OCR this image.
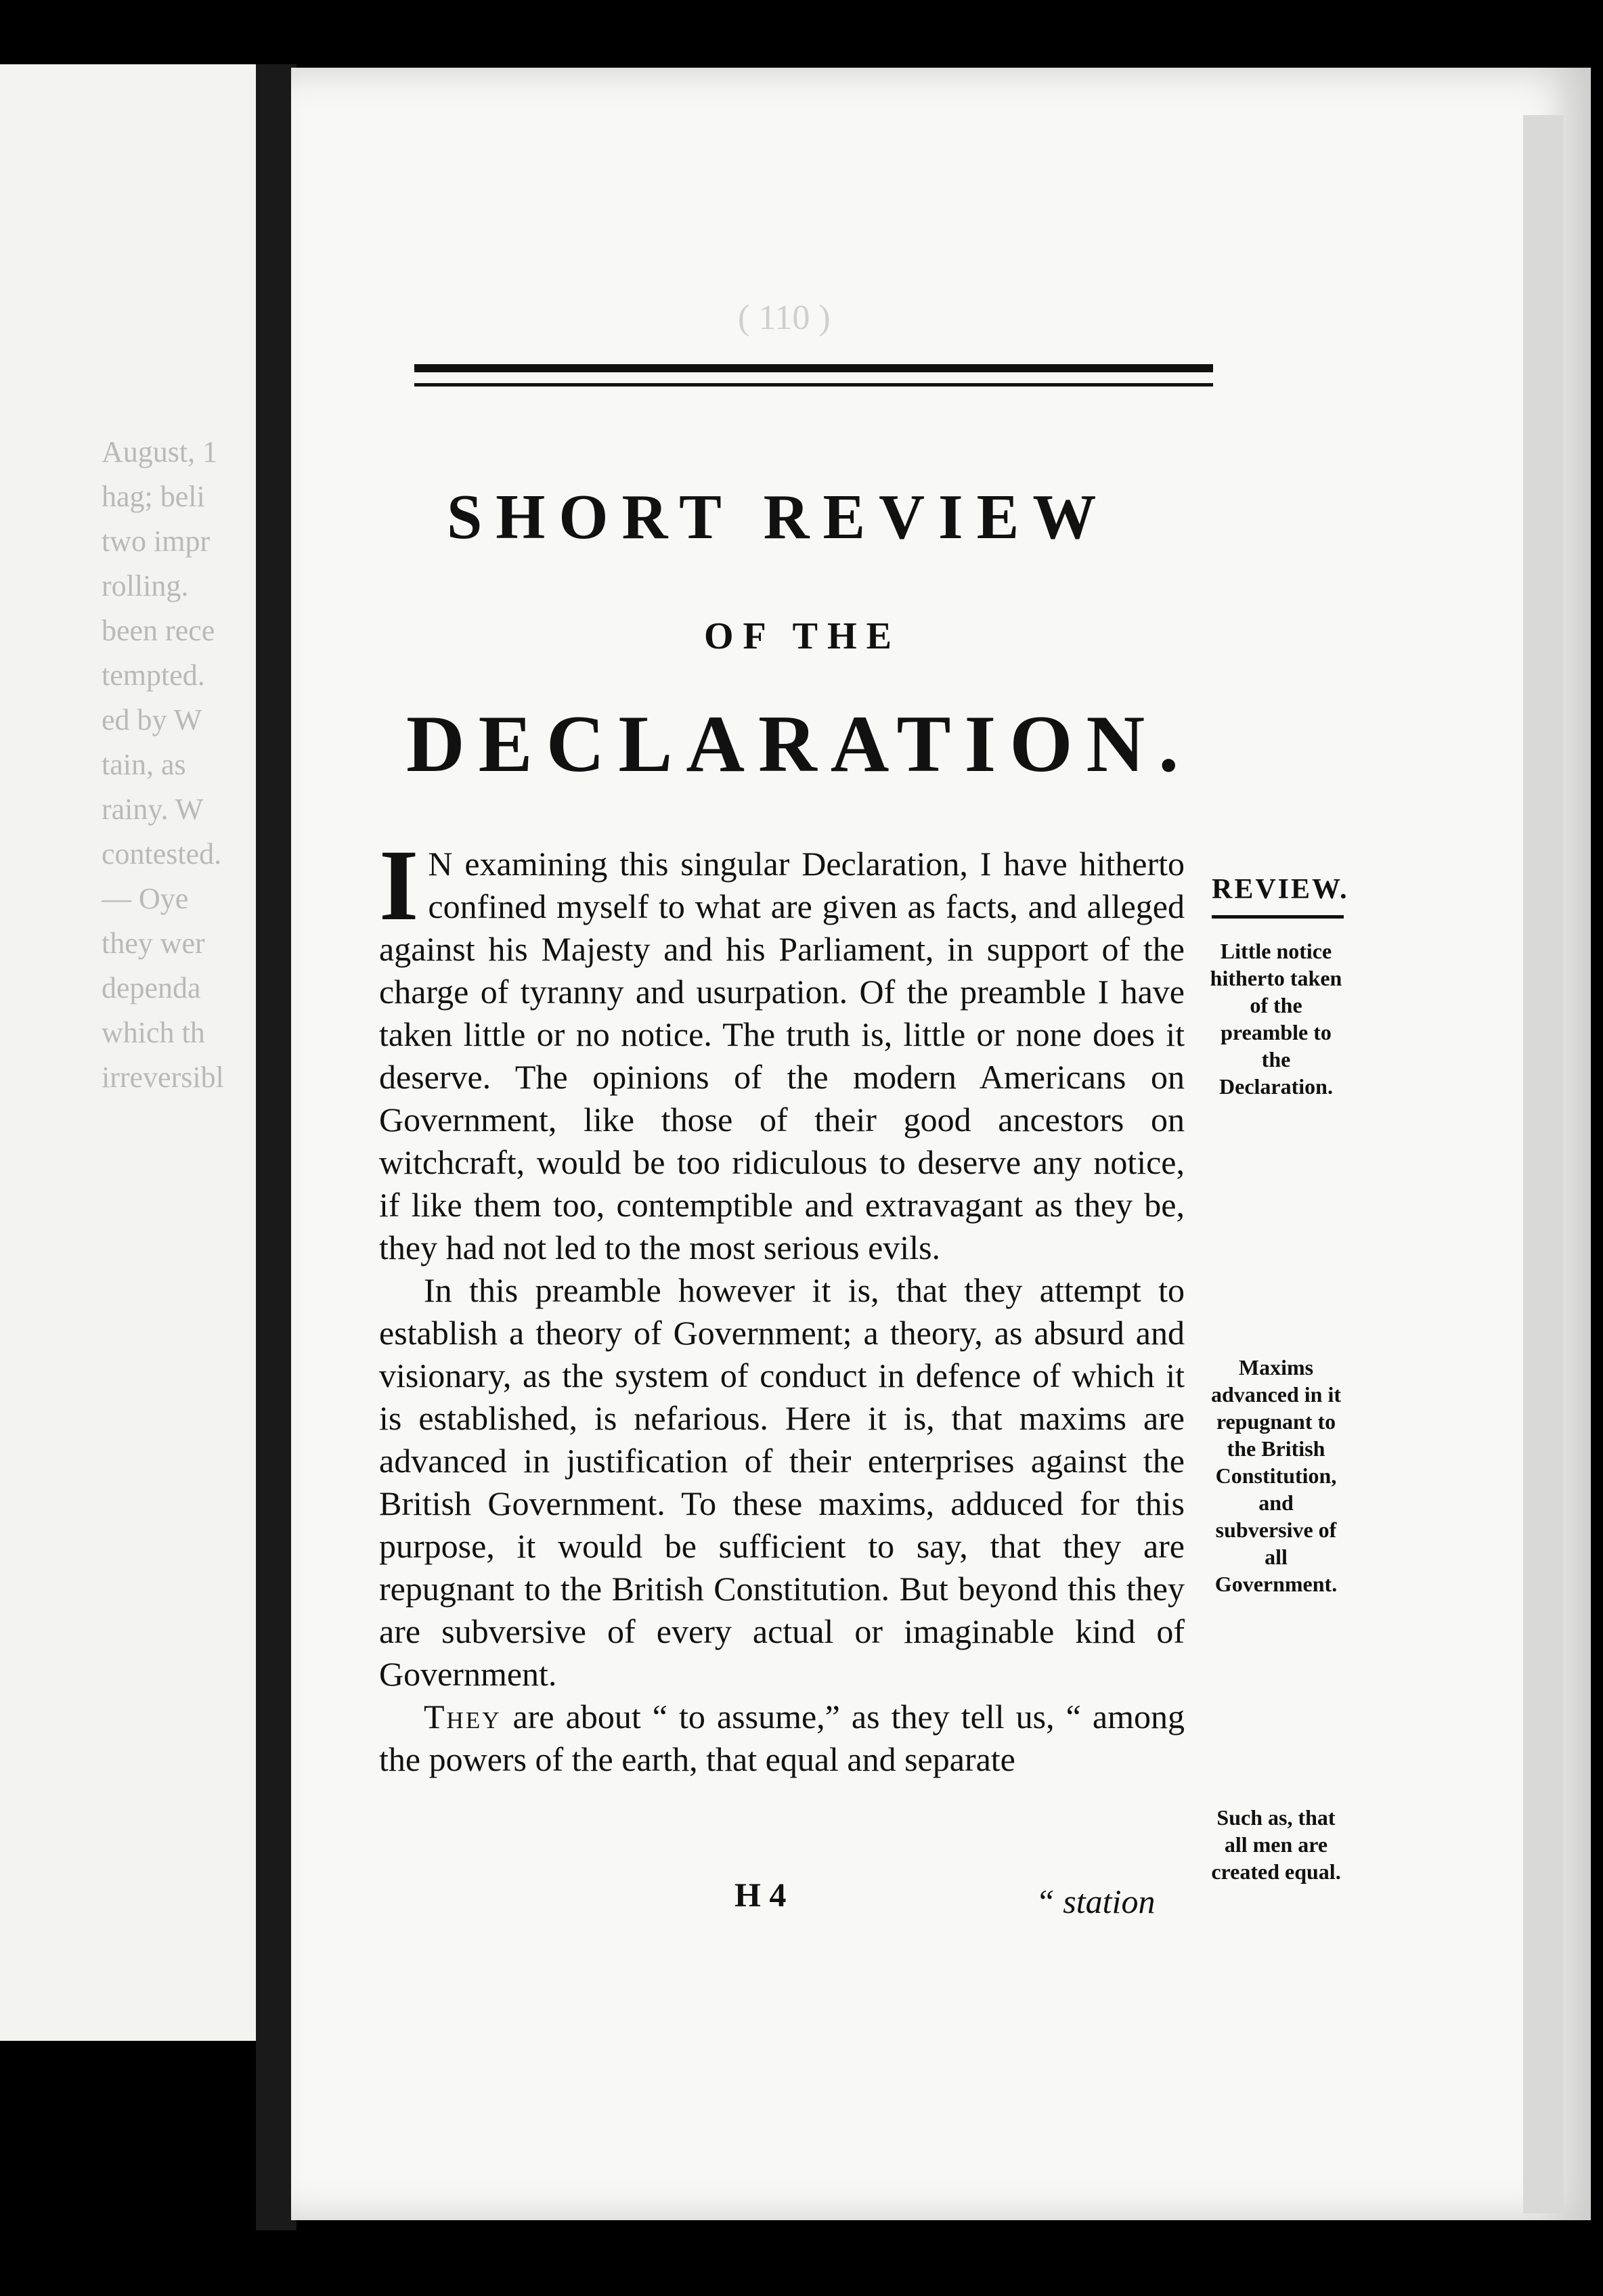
August, 1
hag; beli
two impr
rolling.
been rece
tempted.
ed by W
tain, as
rainy. W
contested.
— Oye
they wer
dependa
which th
irreversibl
( 110 )
SHORT REVIEW
OF THE
DECLARATION.

I N examining this singular Declaration, I have hitherto confined myself to what are given as facts, and alleged against his Majesty and his Parliament, in support of the charge of tyranny and usurpation. Of the preamble I have taken little or no notice. The truth is, little or none does it deserve. The opinions of the modern Americans on Government, like those of their good ancestors on witchcraft, would be too ridiculous to deserve any notice, if like them too, contemptible and extravagant as they be, they had not led to the most serious evils.

In this preamble however it is, that they attempt to establish a theory of Government; a theory, as absurd and visionary, as the system of conduct in defence of which it is established, is nefarious. Here it is, that maxims are advanced in justification of their enterprises against the British Government. To these maxims, adduced for this purpose, it would be sufficient to say, that they are repugnant to the British Constitution. But beyond this they are subversive of every actual or imaginable kind of Government.

They are about “ to assume,” as they tell us, “ among the powers of the earth, that equal and separate

H 4	“ station
REVIEW.
Little notice hitherto taken of the preamble to the Declaration.
Maxims advanced in it repugnant to the British Constitution, and subversive of all Government.
Such as, that all men are created equal.
